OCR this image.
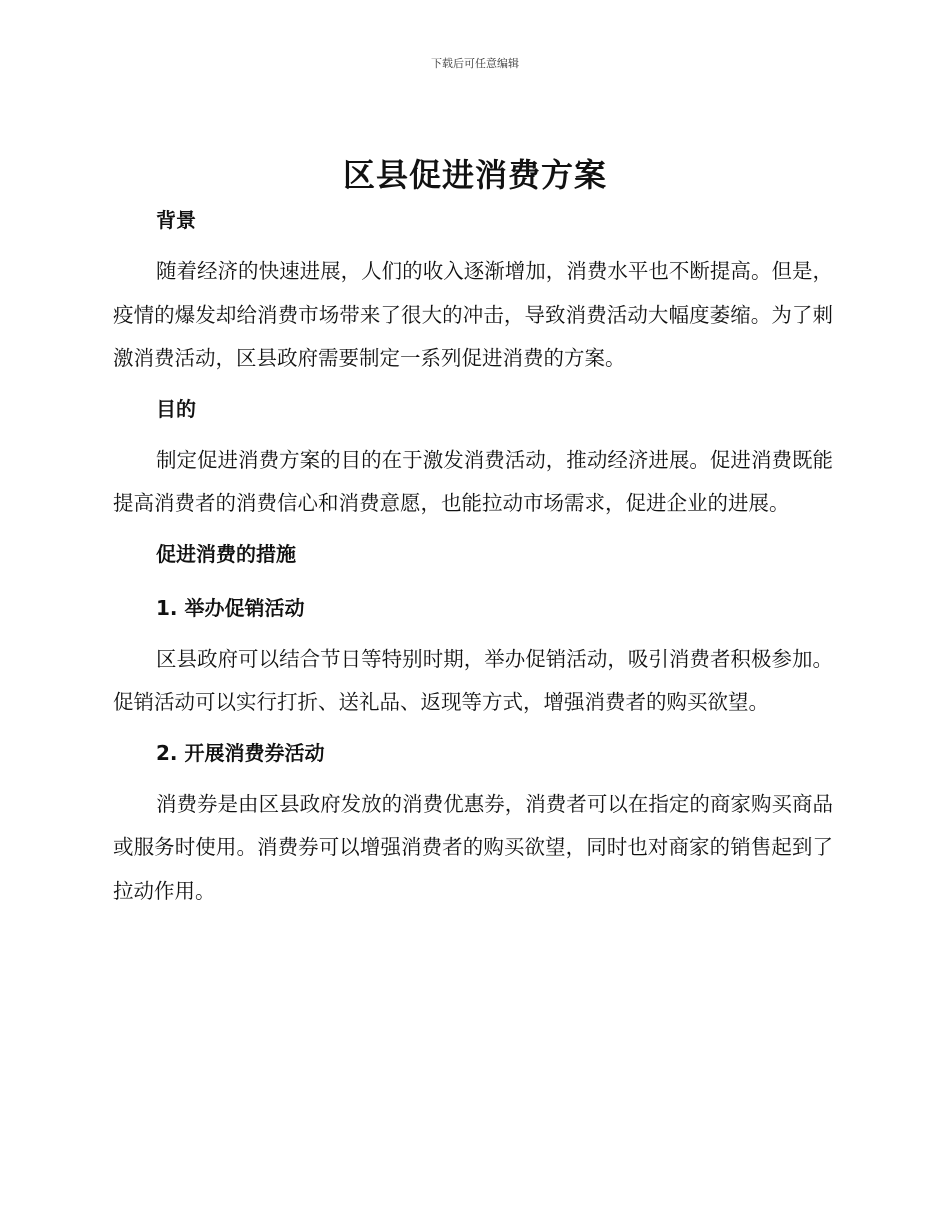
下载后可任意编辑
区县促进消费方案
背景

随着经济的快速进展，人们的收入逐渐增加，消费水平也不断提高。但是，疫情的爆发却给消费市场带来了很大的冲击，导致消费活动大幅度萎缩。为了刺激消费活动，区县政府需要制定一系列促进消费的方案。

目的

制定促进消费方案的目的在于激发消费活动，推动经济进展。促进消费既能提高消费者的消费信心和消费意愿，也能拉动市场需求，促进企业的进展。

促进消费的措施
1. 举办促销活动

区县政府可以结合节日等特别时期，举办促销活动，吸引消费者积极参加。促销活动可以实行打折、送礼品、返现等方式，增强消费者的购买欲望。

2. 开展消费券活动

消费券是由区县政府发放的消费优惠券，消费者可以在指定的商家购买商品或服务时使用。消费券可以增强消费者的购买欲望，同时也对商家的销售起到了拉动作用。
